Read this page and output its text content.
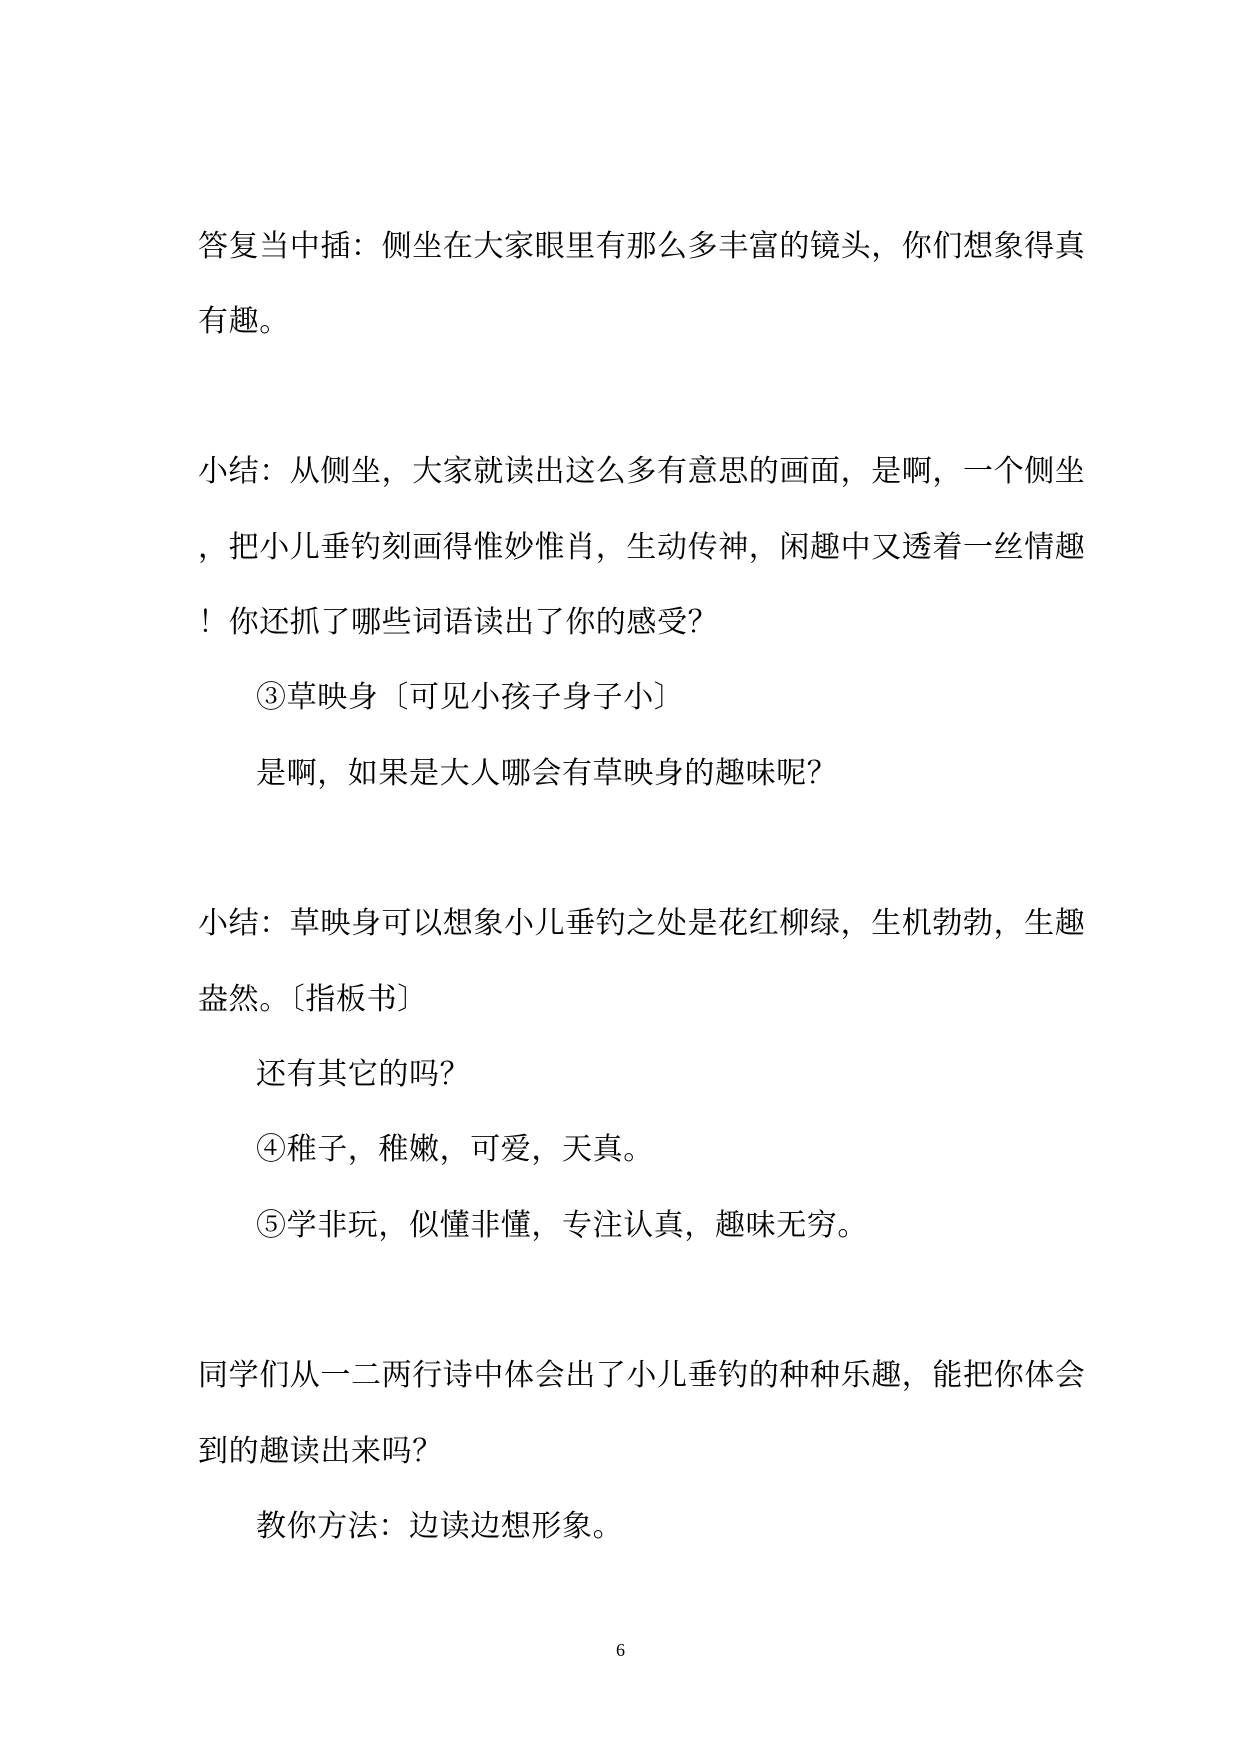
答复当中插：侧坐在大家眼里有那么多丰富的镜头，你们想象得真
有趣。
小结：从侧坐，大家就读出这么多有意思的画面，是啊，一个侧坐
，把小儿垂钓刻画得惟妙惟肖，生动传神，闲趣中又透着一丝情趣
！你还抓了哪些词语读出了你的感受？
③草映身〔可见小孩子身子小〕
是啊，如果是大人哪会有草映身的趣味呢？
小结：草映身可以想象小儿垂钓之处是花红柳绿，生机勃勃，生趣
盎然。〔指板书〕
还有其它的吗？
④稚子，稚嫩，可爱，天真。
⑤学非玩，似懂非懂，专注认真，趣味无穷。
同学们从一二两行诗中体会出了小儿垂钓的种种乐趣，能把你体会
到的趣读出来吗？
教你方法：边读边想形象。
6
